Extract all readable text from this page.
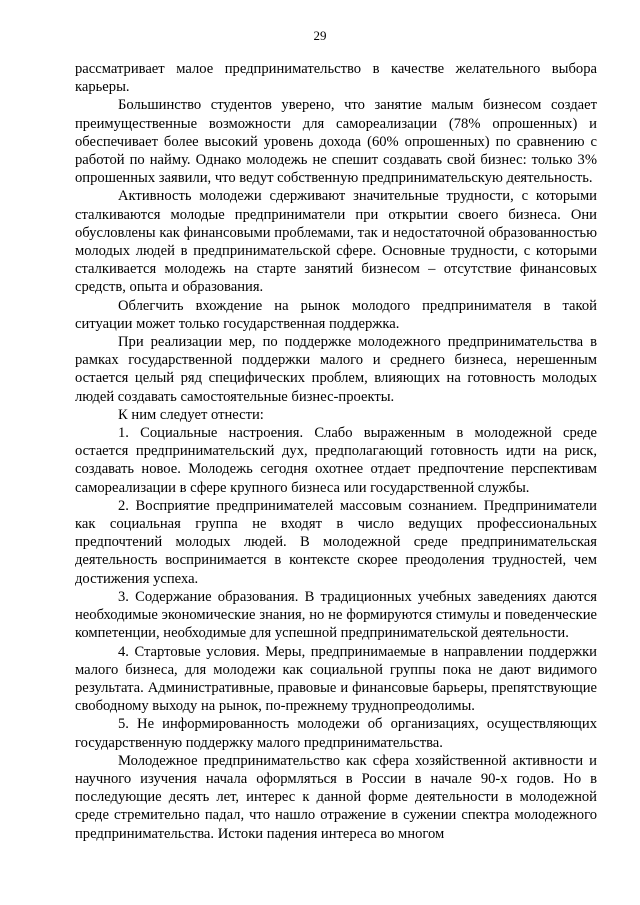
29

рассматривает малое предпринимательство в качестве желательного выбора карьеры.

Большинство студентов уверено, что занятие малым бизнесом создает преимущественные возможности для самореализации (78% опрошенных) и обеспечивает более высокий уровень дохода (60% опрошенных) по сравнению с работой по найму. Однако молодежь не спешит создавать свой бизнес: только 3% опрошенных заявили, что ведут собственную предпринимательскую деятельность.

Активность молодежи сдерживают значительные трудности, с которыми сталкиваются молодые предприниматели при открытии своего бизнеса. Они обусловлены как финансовыми проблемами, так и недостаточной образованностью молодых людей в предпринимательской сфере. Основные трудности, с которыми сталкивается молодежь на старте занятий бизнесом – отсутствие финансовых средств, опыта и образования.

Облегчить вхождение на рынок молодого предпринимателя в такой ситуации может только государственная поддержка.

При реализации мер, по поддержке молодежного предпринимательства в рамках государственной поддержки малого и среднего бизнеса, нерешенным остается целый ряд специфических проблем, влияющих на готовность молодых людей создавать самостоятельные бизнес-проекты.

К ним следует отнести:

1. Социальные настроения. Слабо выраженным в молодежной среде остается предпринимательский дух, предполагающий готовность идти на риск, создавать новое. Молодежь сегодня охотнее отдает предпочтение перспективам самореализации в сфере крупного бизнеса или государственной службы.

2. Восприятие предпринимателей массовым сознанием. Предприниматели как социальная группа не входят в число ведущих профессиональных предпочтений молодых людей. В молодежной среде предпринимательская деятельность воспринимается в контексте скорее преодоления трудностей, чем достижения успеха.

3. Содержание образования. В традиционных учебных заведениях даются необходимые экономические знания, но не формируются стимулы и поведенческие компетенции, необходимые для успешной предпринимательской деятельности.

4. Стартовые условия. Меры, предпринимаемые в направлении поддержки малого бизнеса, для молодежи как социальной группы пока не дают видимого результата. Административные, правовые и финансовые барьеры, препятствующие свободному выходу на рынок, по-прежнему труднопреодолимы.

5. Не информированность молодежи об организациях, осуществляющих государственную поддержку малого предпринимательства.

Молодежное предпринимательство как сфера хозяйственной активности и научного изучения начала оформляться в России в начале 90-х годов. Но в последующие десять лет, интерес к данной форме деятельности в молодежной среде стремительно падал, что нашло отражение в сужении спектра молодежного предпринимательства. Истоки падения интереса во многом
